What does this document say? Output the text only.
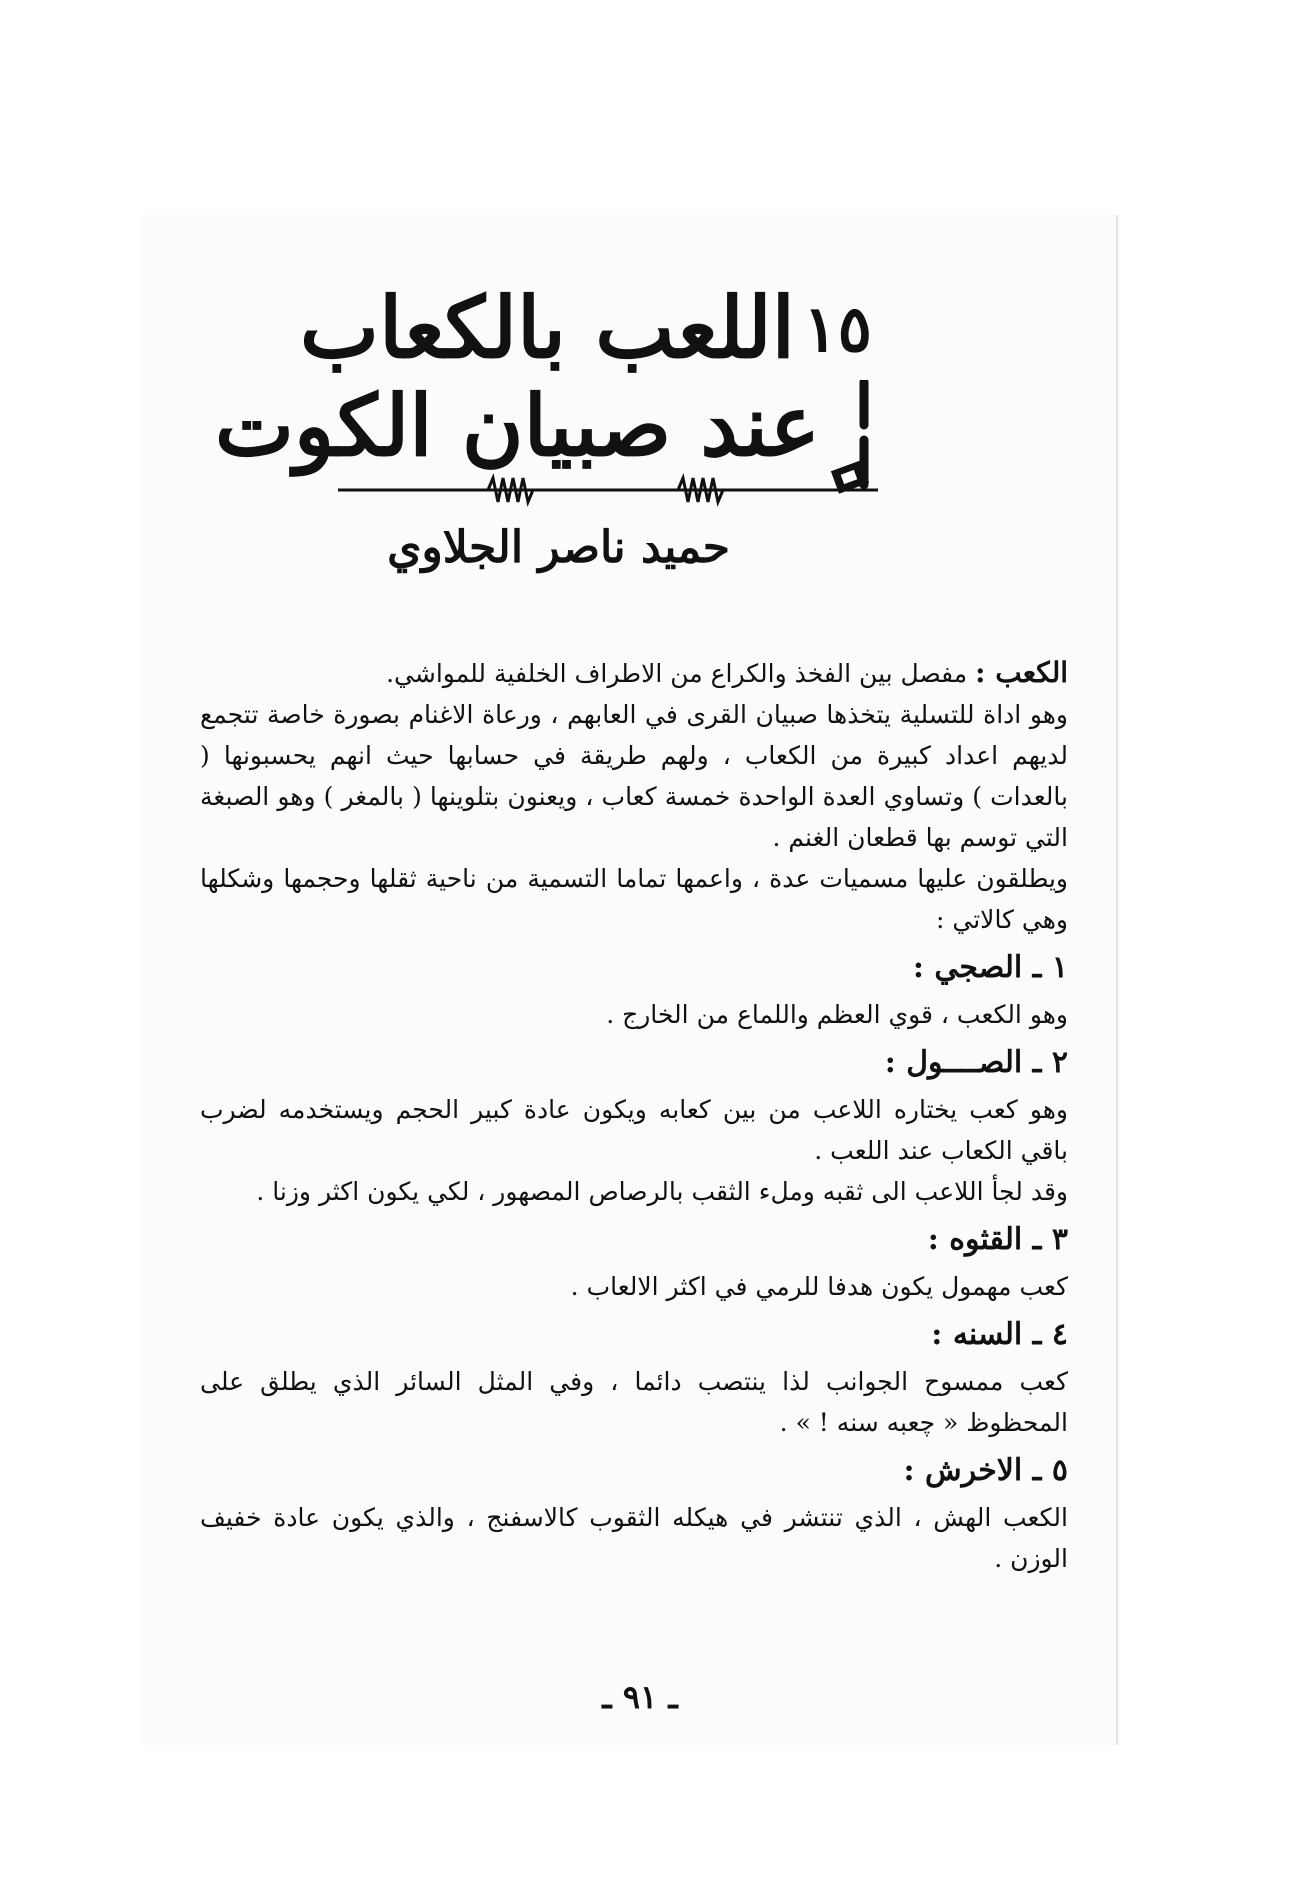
١٥
اللعب بالكعاب
عند صبيان الكوت
حميد ناصر الجلاوي

الكعب : مفصل بين الفخذ والكراع من الاطراف الخلفية للمواشي.

وهو اداة للتسلية يتخذها صبيان القرى في العابهم ، ورعاة الاغنام بصورة خاصة تتجمع لديهم اعداد كبيرة من الكعاب ، ولهم طريقة في حسابها حيث انهم يحسبونها ( بالعدات ) وتساوي العدة الواحدة خمسة كعاب ، ويعنون بتلوينها ( بالمغر ) وهو الصبغة التي توسم بها قطعان الغنم .

ويطلقون عليها مسميات عدة ، واعمها تماما التسمية من ناحية ثقلها وحجمها وشكلها وهي كالاتي :

١ ـ الصجي :

وهو الكعب ، قوي العظم واللماع من الخارج .

٢ ـ الصــــول :

وهو كعب يختاره اللاعب من بين كعابه ويكون عادة كبير الحجم ويستخدمه لضرب باقي الكعاب عند اللعب .

وقد لجأ اللاعب الى ثقبه وملء الثقب بالرصاص المصهور ، لكي يكون اكثر وزنا .

٣ ـ القثوه :

كعب مهمول يكون هدفا للرمي في اكثر الالعاب .

٤ ـ السنه :

كعب ممسوح الجوانب لذا ينتصب دائما ، وفي المثل السائر الذي يطلق على المحظوظ « چعبه سنه ! » .

٥ ـ الاخرش :

الكعب الهش ، الذي تنتشر في هيكله الثقوب كالاسفنج ، والذي يكون عادة خفيف الوزن .

ـ ٩١ ـ
